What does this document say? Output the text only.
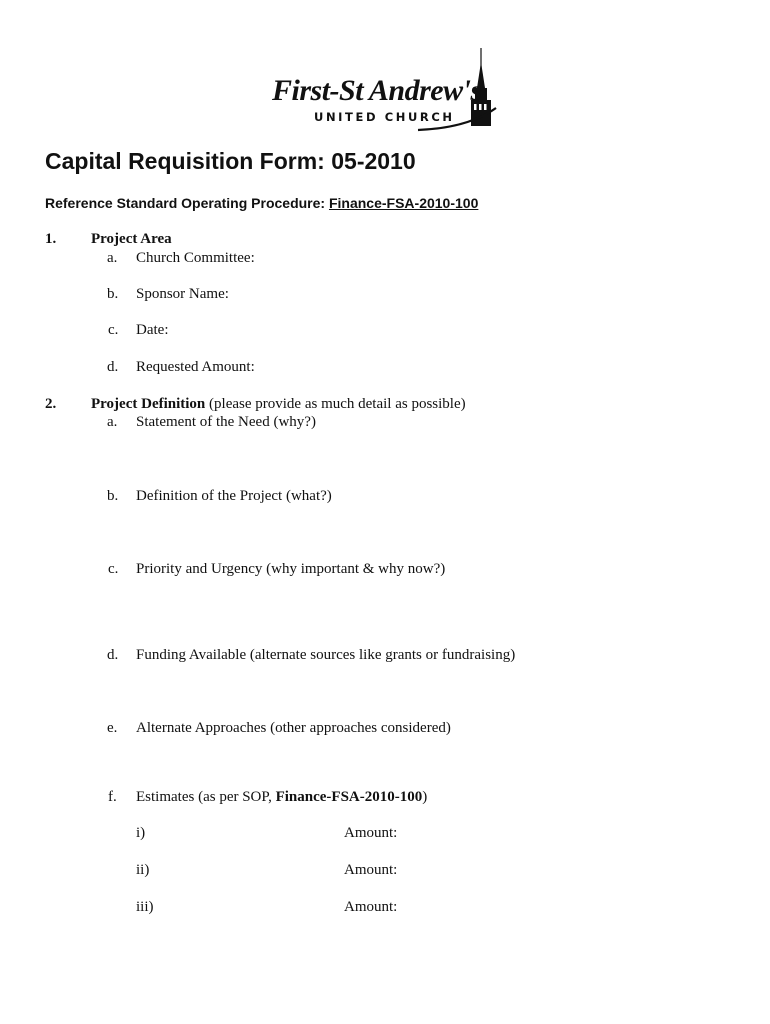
First-St Andrew's
UNITED CHURCH
Capital Requisition Form: 05-2010
Reference Standard Operating Procedure: Finance-FSA-2010-100
1. Project Area
a. Church Committee:
b. Sponsor Name:
c. Date:
d. Requested Amount:
2. Project Definition (please provide as much detail as possible)
a. Statement of the Need (why?)
b. Definition of the Project (what?)
c. Priority and Urgency (why important & why now?)
d. Funding Available (alternate sources like grants or fundraising)
e. Alternate Approaches (other approaches considered)
f. Estimates (as per SOP, Finance-FSA-2010-100)
i)	Amount:
ii)	Amount:
iii)	Amount:
